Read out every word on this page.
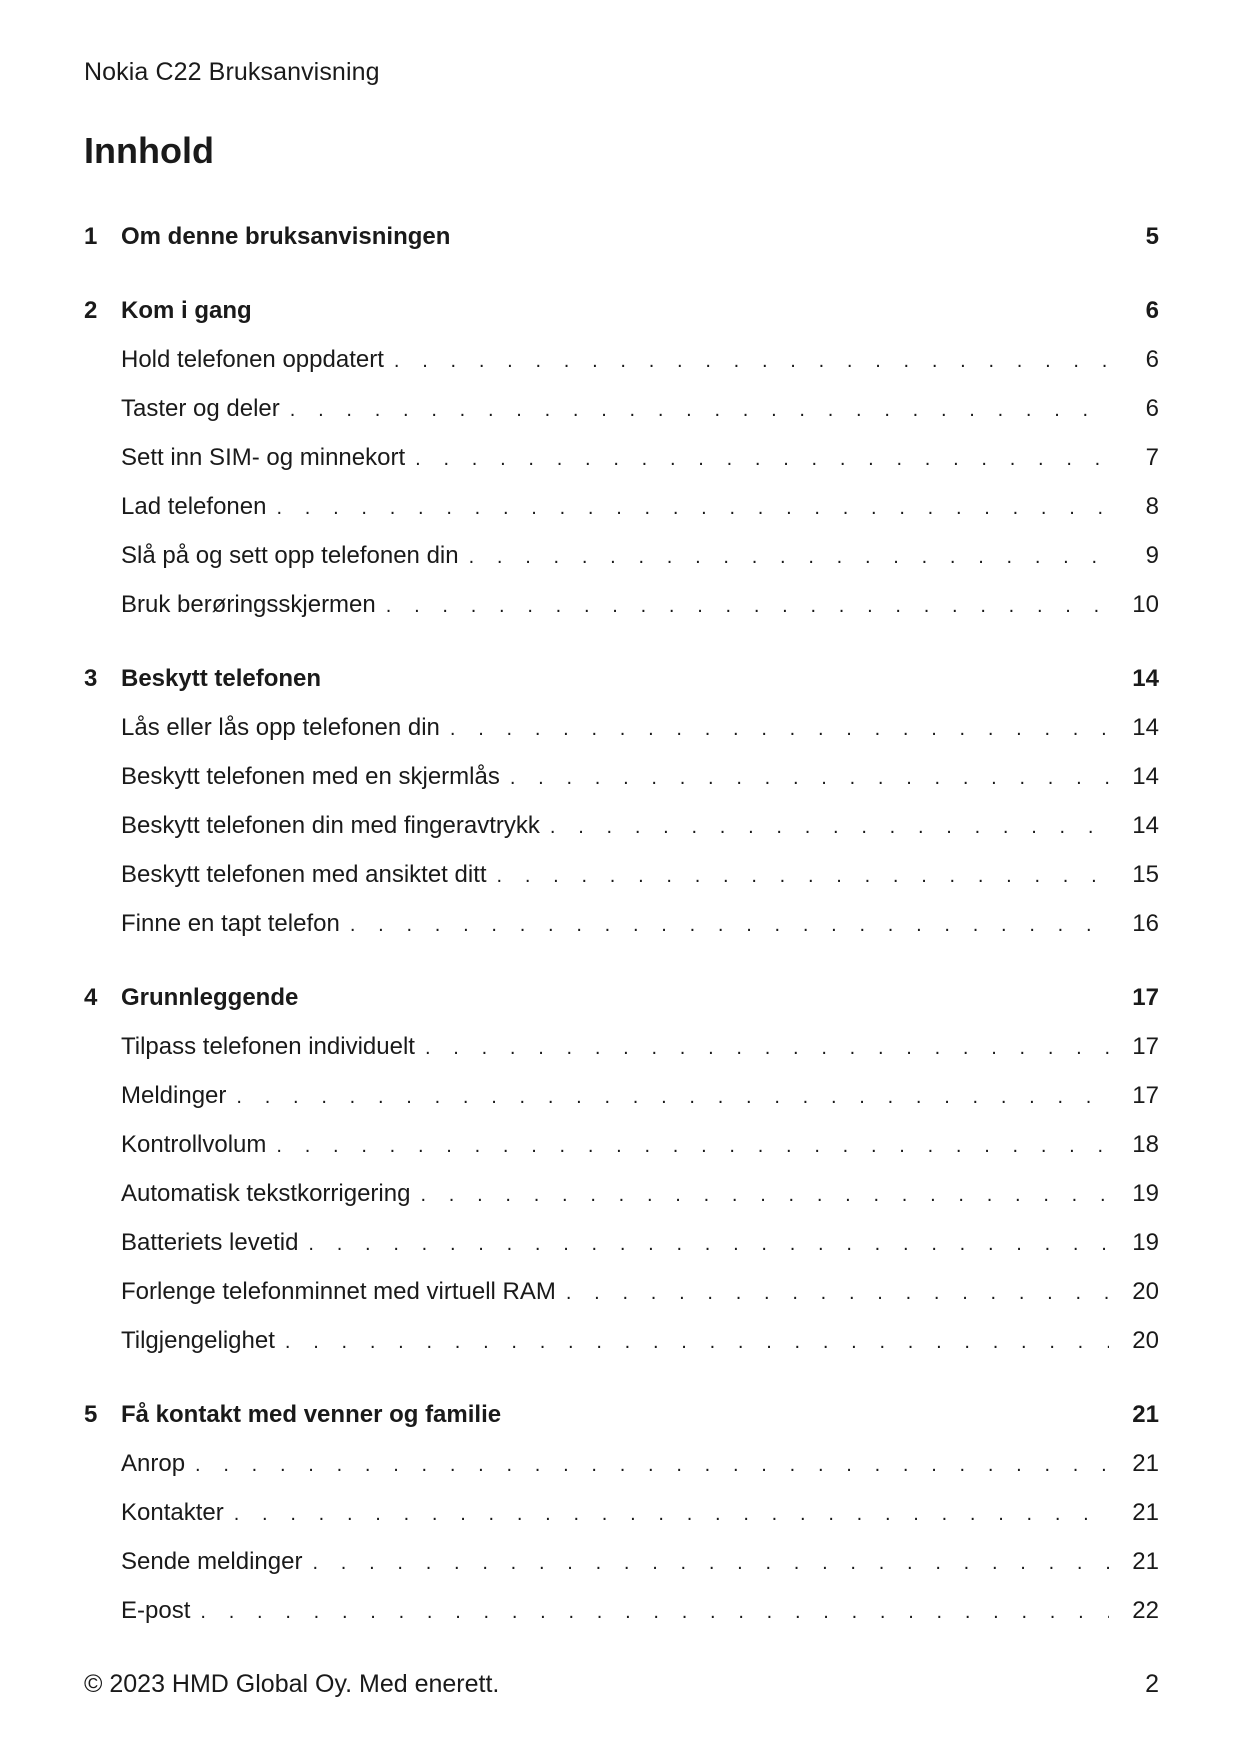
Nokia C22 Bruksanvisning
Innhold
1 Om denne bruksanvisningen	5
2 Kom i gang	6
Hold telefonen oppdatert . . .	6
Taster og deler . . .	6
Sett inn SIM- og minnekort . . .	7
Lad telefonen . . .	8
Slå på og sett opp telefonen din . . .	9
Bruk berøringsskjermen . . .	10
3 Beskytt telefonen	14
Lås eller lås opp telefonen din . . .	14
Beskytt telefonen med en skjermlås . . .	14
Beskytt telefonen din med fingeravtrykk . . .	14
Beskytt telefonen med ansiktet ditt . . .	15
Finne en tapt telefon . . .	16
4 Grunnleggende	17
Tilpass telefonen individuelt . . .	17
Meldinger . . .	17
Kontrollvolum . . .	18
Automatisk tekstkorrigering . . .	19
Batteriets levetid . . .	19
Forlenge telefonminnet med virtuell RAM . . .	20
Tilgjengelighet . . .	20
5 Få kontakt med venner og familie	21
Anrop . . .	21
Kontakter . . .	21
Sende meldinger . . .	21
E-post . . .	22
© 2023 HMD Global Oy. Med enerett.	2
